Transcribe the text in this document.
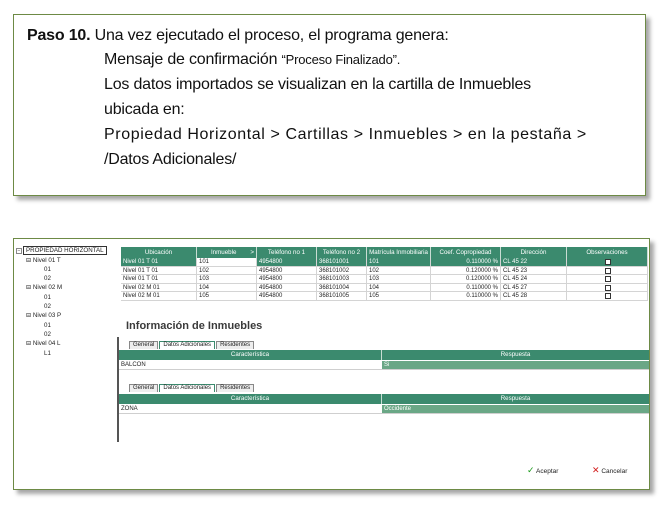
Paso 10. Una vez ejecutado el proceso, el programa genera:
Mensaje de confirmación “Proceso Finalizado”.
Los datos importados se visualizan en la cartilla de Inmuebles
ubicada en:
Propiedad Horizontal > Cartillas > Inmuebles > en la pestaña >
/Datos Adicionales/
− PROPIEDAD HORIZONTAL
⊟ Nivel 01 T
01
02
⊟ Nivel 02 M
01
02
⊟ Nivel 03 P
01
02
⊟ Nivel 04 L
L1
Ubicación	Inmueble >	Teléfono no 1	Teléfono no 2	Matrícula Inmobiliaria	Coef. Copropiedad	Dirección	Observaciones
Nivel 01 T 01	101	4954800	368101001	101	0.110000 % CL 45 22
Nivel 01 T 01	102	4954800	368101002	102	0.120000 % CL 45 23
Nivel 01 T 01	103	4954800	368101003	103	0.120000 % CL 45 24
Nivel 02 M 01	104	4954800	368101004	104	0.110000 % CL 45 27
Nivel 02 M 01	105	4954800	368101005	105	0.110000 % CL 45 28
Información de Inmuebles
General	Datos Adicionales	Residentes
Característica	Respuesta
BALCON	Si
General	Datos Adicionales	Residentes
Característica	Respuesta
ZONA	Occidente
✓ Aceptar	✕ Cancelar
